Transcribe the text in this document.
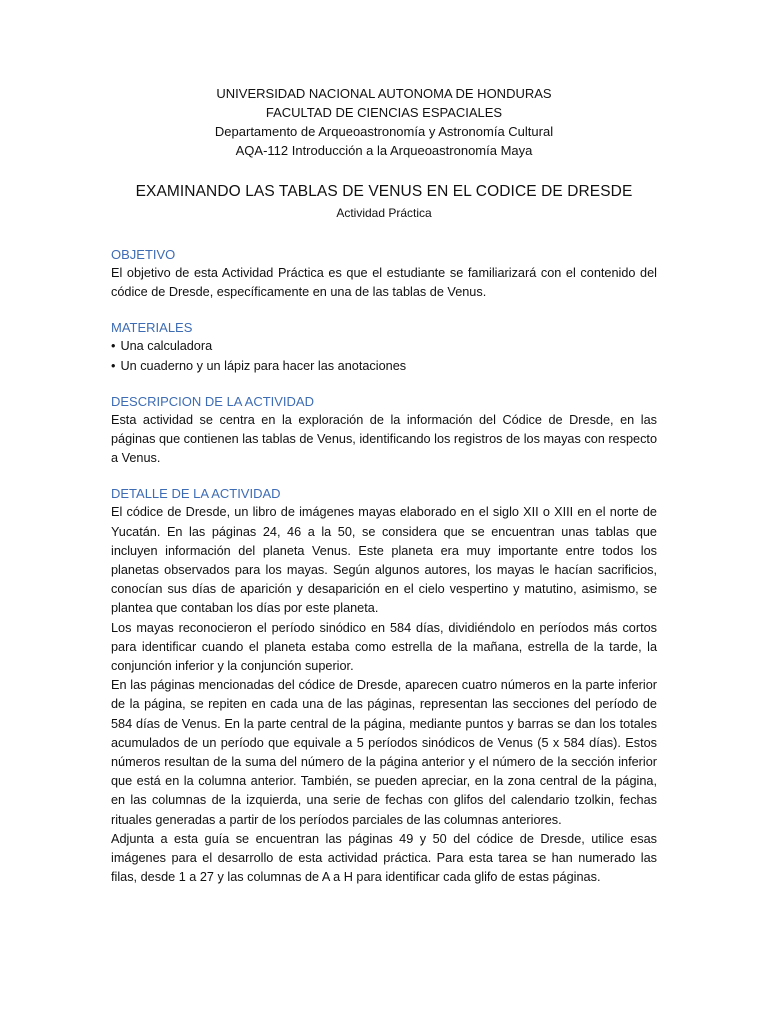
UNIVERSIDAD NACIONAL AUTONOMA DE HONDURAS
FACULTAD DE CIENCIAS ESPACIALES
Departamento de Arqueoastronomía y Astronomía Cultural
AQA-112 Introducción a la Arqueoastronomía Maya
EXAMINANDO LAS TABLAS DE VENUS EN EL CODICE DE DRESDE
Actividad Práctica
OBJETIVO

El objetivo de esta Actividad Práctica es que el estudiante se familiarizará con el contenido del códice de Dresde, específicamente en una de las tablas de Venus.

MATERIALES
• Una calculadora
• Un cuaderno y un lápiz para hacer las anotaciones
DESCRIPCION DE LA ACTIVIDAD

Esta actividad se centra en la exploración de la información del Códice de Dresde, en las páginas que contienen las tablas de Venus, identificando los registros de los mayas con respecto a Venus.

DETALLE DE LA ACTIVIDAD

El códice de Dresde, un libro de imágenes mayas elaborado en el siglo XII o XIII en el norte de Yucatán. En las páginas 24, 46 a la 50, se considera que se encuentran unas tablas que incluyen información del planeta Venus. Este planeta era muy importante entre todos los planetas observados para los mayas. Según algunos autores, los mayas le hacían sacrificios, conocían sus días de aparición y desaparición en el cielo vespertino y matutino, asimismo, se plantea que contaban los días por este planeta.

Los mayas reconocieron el período sinódico en 584 días, dividiéndolo en períodos más cortos para identificar cuando el planeta estaba como estrella de la mañana, estrella de la tarde, la conjunción inferior y la conjunción superior.

En las páginas mencionadas del códice de Dresde, aparecen cuatro números en la parte inferior de la página, se repiten en cada una de las páginas, representan las secciones del período de 584 días de Venus. En la parte central de la página, mediante puntos y barras se dan los totales acumulados de un período que equivale a 5 períodos sinódicos de Venus (5 x 584 días). Estos números resultan de la suma del número de la página anterior y el número de la sección inferior que está en la columna anterior. También, se pueden apreciar, en la zona central de la página, en las columnas de la izquierda, una serie de fechas con glifos del calendario tzolkin, fechas rituales generadas a partir de los períodos parciales de las columnas anteriores.

Adjunta a esta guía se encuentran las páginas 49 y 50 del códice de Dresde, utilice esas imágenes para el desarrollo de esta actividad práctica. Para esta tarea se han numerado las filas, desde 1 a 27 y las columnas de A a H para identificar cada glifo de estas páginas.
